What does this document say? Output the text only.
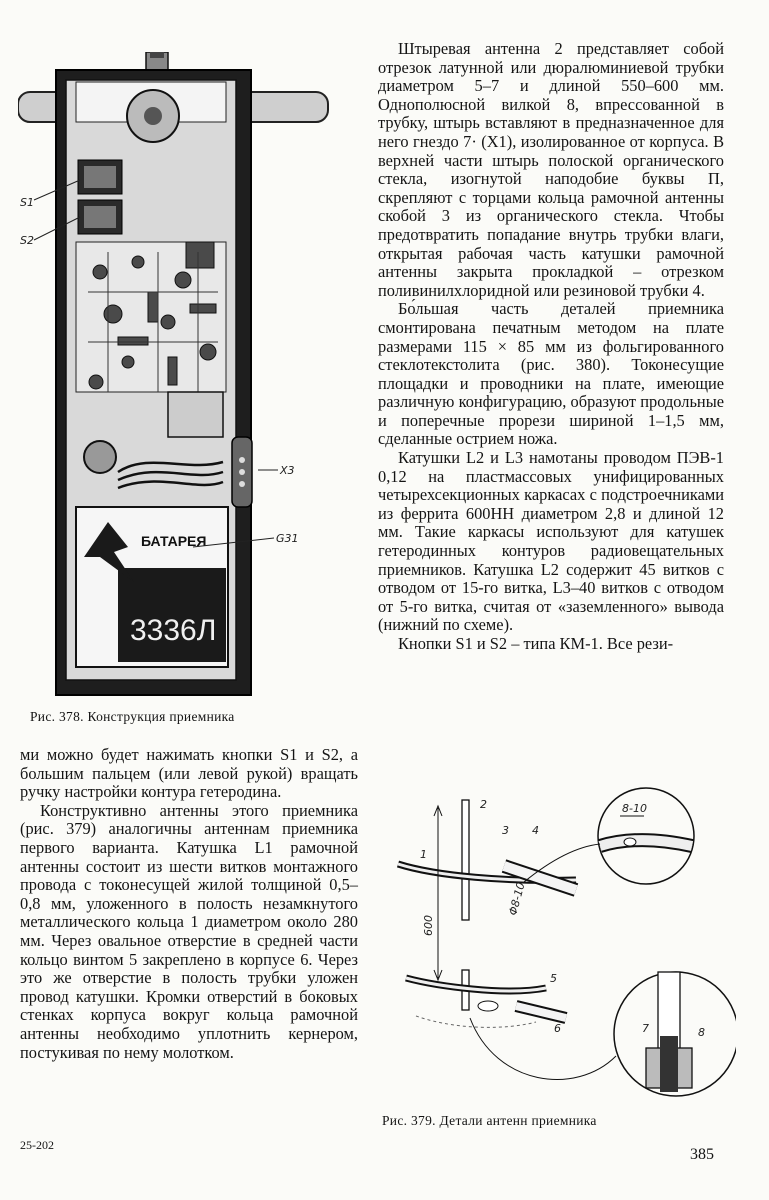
БАТАРЕЯ
3336Л
S1
S2
X3
G31
Рис. 378. Конструкция приемника

Штыревая антенна 2 представляет собой отрезок латунной или дюралюминиевой трубки диаметром 5–7 и длиной 550–600 мм. Однополюсной вилкой 8, впрессованной в трубку, штырь вставляют в предназначенное для него гнездо 7· (X1), изолированное от корпуса. В верхней части штырь полоской органического стекла, изогнутой наподобие буквы П, скрепляют с торцами кольца рамочной антенны скобой 3 из органического стекла. Чтобы предотвратить попадание внутрь трубки влаги, открытая рабочая часть катушки рамочной антенны закрыта прокладкой – отрезком поливинилхлоридной или резиновой трубки 4.

Бо́льшая часть деталей приемника смонтирована печатным методом на плате размерами 115 × 85 мм из фольгированного стеклотекстолита (рис. 380). Токонесущие площадки и проводники на плате, имеющие различную конфигурацию, образуют продольные и поперечные прорези шириной 1–1,5 мм, сделанные острием ножа.

Катушки L2 и L3 намотаны проводом ПЭВ-1 0,12 на пластмассовых унифицированных четырехсекционных каркасах с подстроечниками из феррита 600НН диаметром 2,8 и длиной 12 мм. Такие каркасы используют для катушек гетеродинных контуров радиовещательных приемников. Катушка L2 содержит 45 витков с отводом от 15-го витка, L3–40 витков с отводом от 5-го витка, считая от «заземленного» вывода (нижний по схеме).

Кнопки S1 и S2 – типа КМ-1. Все рези-

ми можно будет нажимать кнопки S1 и S2, а большим пальцем (или левой рукой) вращать ручку настройки контура гетеродина.

Конструктивно антенны этого приемника (рис. 379) аналогичны антеннам приемника первого варианта. Катушка L1 рамочной антенны состоит из шести витков монтажного провода с токонесущей жилой толщиной 0,5–0,8 мм, уложенного в полость незамкнутого металлического кольца 1 диаметром около 280 мм. Через овальное отверстие в средней части кольцо винтом 5 закреплено в корпусе 6. Через это же отверстие в полость трубки уложен провод катушки. Кромки отверстий в боковых стенках корпуса вокруг кольца рамочной антенны необходимо уплотнить кернером, постукивая по нему молотком.

2
3 4
1
5
6	7	8
600
Φ8-10
8-10
Рис. 379. Детали антенн приемника
25-202
385
